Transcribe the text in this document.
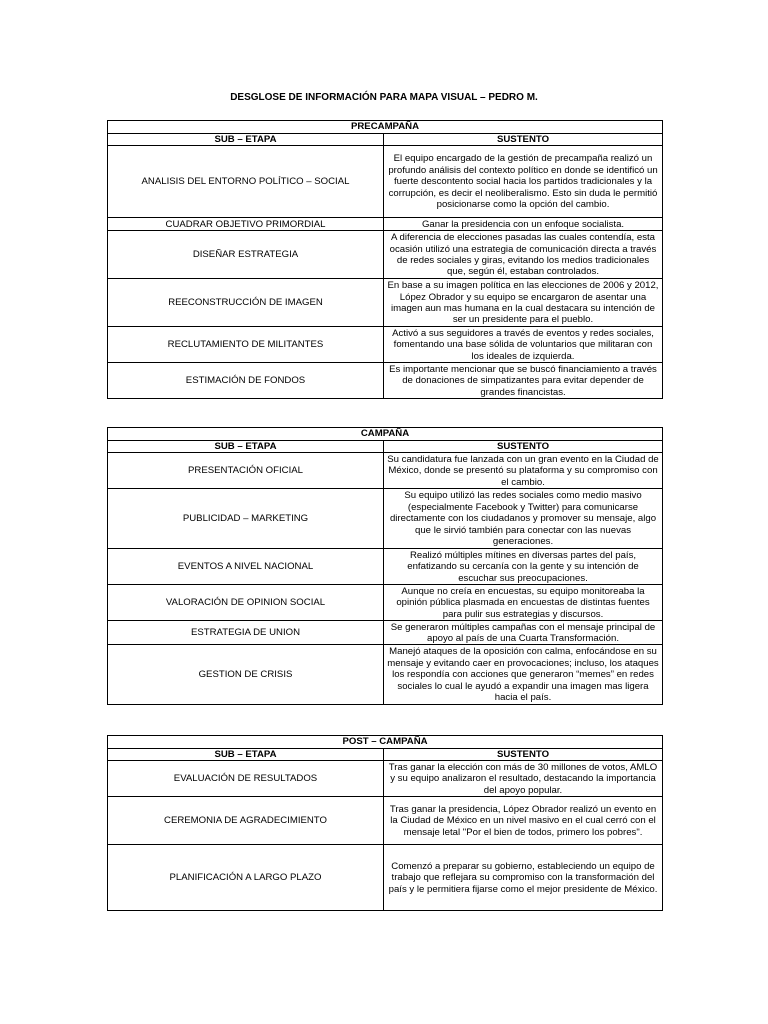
DESGLOSE DE INFORMACIÓN PARA MAPA VISUAL – PEDRO M.
PRECAMPAÑA	
SUB – ETAPA	SUSTENTO
ANALISIS DEL ENTORNO POLÍTICO – SOCIAL	El equipo encargado de la gestión de precampaña realizó un profundo análisis del contexto político en donde se identificó un fuerte descontento social hacia los partidos tradicionales y la corrupción, es decir el neoliberalismo. Esto sin duda le permitió posicionarse como la opción del cambio.
CUADRAR OBJETIVO PRIMORDIAL	Ganar la presidencia con un enfoque socialista.
DISEÑAR ESTRATEGIA	A diferencia de elecciones pasadas las cuales contendía, esta ocasión utilizó una estrategia de comunicación directa a través de redes sociales y giras, evitando los medios tradicionales que, según él, estaban controlados.
REECONSTRUCCIÓN DE IMAGEN	En base a su imagen política en las elecciones de 2006 y 2012, López Obrador y su equipo se encargaron de asentar una imagen aun mas humana en la cual destacara su intención de ser un presidente para el pueblo.
RECLUTAMIENTO DE MILITANTES	Activó a sus seguidores a través de eventos y redes sociales, fomentando una base sólida de voluntarios que militaran con los ideales de izquierda.
ESTIMACIÓN DE FONDOS	Es importante mencionar que se buscó financiamiento a través de donaciones de simpatizantes para evitar depender de grandes financistas.
CAMPAÑA	
SUB – ETAPA	SUSTENTO
PRESENTACIÓN OFICIAL	Su candidatura fue lanzada con un gran evento en la Ciudad de México, donde se presentó su plataforma y su compromiso con el cambio.
PUBLICIDAD – MARKETING	Su equipo utilizó las redes sociales como medio masivo (especialmente Facebook y Twitter) para comunicarse directamente con los ciudadanos y promover su mensaje, algo que le sirvió también para conectar con las nuevas generaciones.
EVENTOS A NIVEL NACIONAL	Realizó múltiples mítines en diversas partes del país, enfatizando su cercanía con la gente y su intención de escuchar sus preocupaciones.
VALORACIÓN DE OPINION SOCIAL	Aunque no creía en encuestas, su equipo monitoreaba la opinión pública plasmada en encuestas de distintas fuentes para pulir sus estrategias y discursos.
ESTRATEGIA DE UNION	Se generaron múltiples campañas con el mensaje principal de apoyo al país de una Cuarta Transformación.
GESTION DE CRISIS	Manejó ataques de la oposición con calma, enfocándose en su mensaje y evitando caer en provocaciones; incluso, los ataques los respondía con acciones que generaron “memes” en redes sociales lo cual le ayudó a expandir una imagen mas ligera hacia el país.
POST – CAMPAÑA	
SUB – ETAPA	SUSTENTO
EVALUACIÓN DE RESULTADOS	Tras ganar la elección con más de 30 millones de votos, AMLO y su equipo analizaron el resultado, destacando la importancia del apoyo popular.
CEREMONIA DE AGRADECIMIENTO	Tras ganar la presidencia, López Obrador realizó un evento en la Ciudad de México en un nivel masivo en el cual cerró con el mensaje letal "Por el bien de todos, primero los pobres".
PLANIFICACIÓN A LARGO PLAZO	Comenzó a preparar su gobierno, estableciendo un equipo de trabajo que reflejara su compromiso con la transformación del país y le permitiera fijarse como el mejor presidente de México.
